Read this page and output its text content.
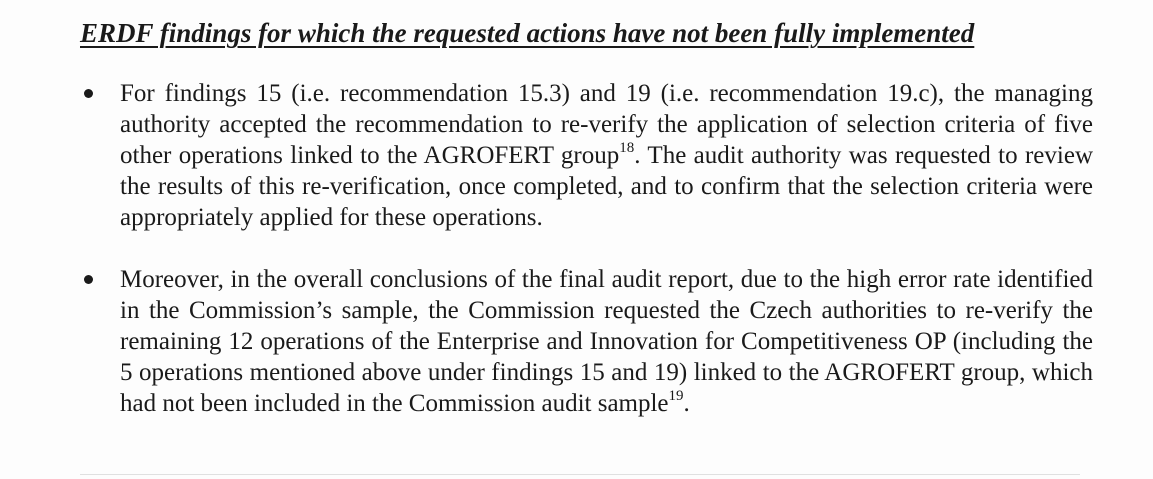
ERDF findings for which the requested actions have not been fully implemented
For findings 15 (i.e. recommendation 15.3) and 19 (i.e. recommendation 19.c), the managing authority accepted the recommendation to re-verify the application of selection criteria of five other operations linked to the AGROFERT group$^{18}$. The audit authority was requested to review the results of this re-verification, once completed, and to confirm that the selection criteria were appropriately applied for these operations.
Moreover, in the overall conclusions of the final audit report, due to the high error rate identified in the Commission’s sample, the Commission requested the Czech authorities to re-verify the remaining 12 operations of the Enterprise and Innovation for Competitiveness OP (including the 5 operations mentioned above under findings 15 and 19) linked to the AGROFERT group, which had not been included in the Commission audit sample$^{19}$.
